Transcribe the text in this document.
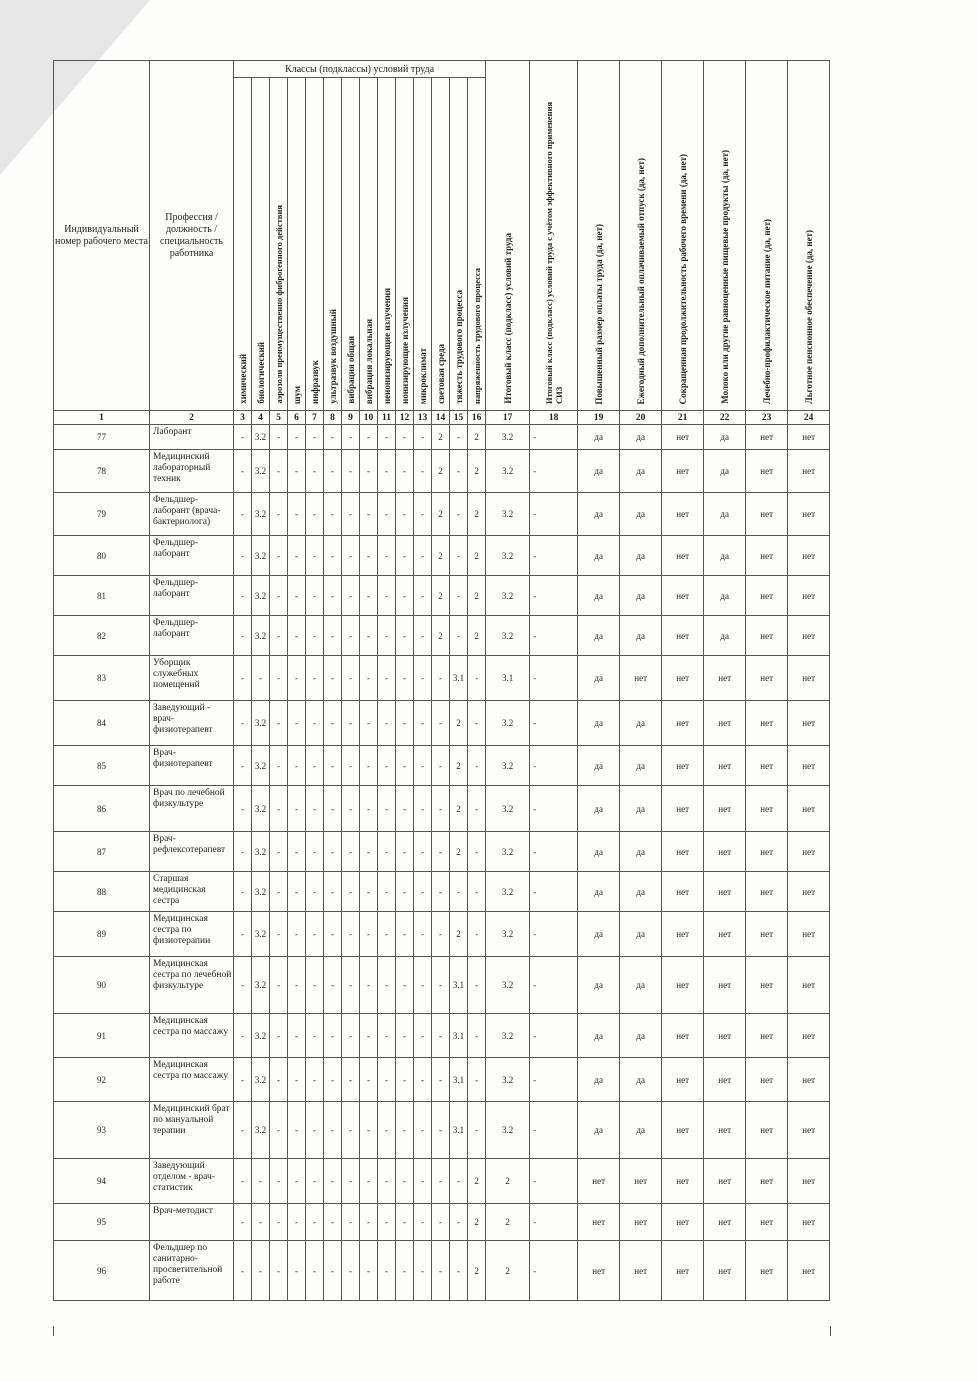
Индивидуальный номер рабочего места	Профессия / должность / специальность работника	Классы (подклассы) условий труда														Итоговый класс (подкласс) условий труда	Итоговый класс (подкласс) условий труда с учётом эффективного применения СИЗ	Повышенный размер оплаты труда (да, нет)	Ежегодный дополнительный оплачиваемый отпуск (да, нет)	Сокращенная продолжительность рабочего времени (да, нет)	Молоко или другие равноценные пищевые продукты (да, нет)	Лечебно-профилактическое питание (да, нет)	Льготное пенсионное обеспечение (да, нет)

		химический	биологический	аэрозоли преимущественно фиброгенного действия	шум	инфразвук	ультразвук воздушный	вибрация общая	вибрация локальная	неионизирующие излучения	ионизирующие излучения	микроклимат	световая среда	тяжесть трудового процесса	напряженность трудового процесса								

1	2	3	4	5	6	7	8	9	10	11	12	13	14	15	16	17	18	19	20	21	22	23	24
77	Лаборант	-	3.2	-	-	-	-	-	-	-	-	-	2	-	2	3.2	-	да	да	нет	да	нет	нет
78	Медицинский лабораторный техник	-	3.2	-	-	-	-	-	-	-	-	-	2	-	2	3.2	-	да	да	нет	да	нет	нет
79	Фельдшер-лаборант (врача-бактериолога)	-	3.2	-	-	-	-	-	-	-	-	-	2	-	2	3.2	-	да	да	нет	да	нет	нет
80	Фельдшер-лаборант	-	3.2	-	-	-	-	-	-	-	-	-	2	-	2	3.2	-	да	да	нет	да	нет	нет
81	Фельдшер-лаборант	-	3.2	-	-	-	-	-	-	-	-	-	2	-	2	3.2	-	да	да	нет	да	нет	нет
82	Фельдшер-лаборант	-	3.2	-	-	-	-	-	-	-	-	-	2	-	2	3.2	-	да	да	нет	да	нет	нет
83	Уборщик служебных помещений	-	-	-	-	-	-	-	-	-	-	-	-	3.1	-	3.1	-	да	нет	нет	нет	нет	нет
84	Заведующий - врач-физиотерапевт	-	3.2	-	-	-	-	-	-	-	-	-	-	2	-	3.2	-	да	да	нет	нет	нет	нет
85	Врач-физиотерапевт	-	3.2	-	-	-	-	-	-	-	-	-	-	2	-	3.2	-	да	да	нет	нет	нет	нет
86	Врач по лечебной физкультуре	-	3.2	-	-	-	-	-	-	-	-	-	-	2	-	3.2	-	да	да	нет	нет	нет	нет
87	Врач-рефлексотерапевт	-	3.2	-	-	-	-	-	-	-	-	-	-	2	-	3.2	-	да	да	нет	нет	нет	нет
88	Старшая медицинская сестра	-	3.2	-	-	-	-	-	-	-	-	-	-	-	-	3.2	-	да	да	нет	нет	нет	нет
89	Медицинская сестра по физиотерапии	-	3.2	-	-	-	-	-	-	-	-	-	-	2	-	3.2	-	да	да	нет	нет	нет	нет
90	Медицинская сестра по лечебной физкультуре	-	3.2	-	-	-	-	-	-	-	-	-	-	3.1	-	3.2	-	да	да	нет	нет	нет	нет
91	Медицинская сестра по массажу	-	3.2	-	-	-	-	-	-	-	-	-	-	3.1	-	3.2	-	да	да	нет	нет	нет	нет
92	Медицинская сестра по массажу	-	3.2	-	-	-	-	-	-	-	-	-	-	3.1	-	3.2	-	да	да	нет	нет	нет	нет
93	Медицинский брат по мануальной терапии	-	3.2	-	-	-	-	-	-	-	-	-	-	3.1	-	3.2	-	да	да	нет	нет	нет	нет
94	Заведующий отделом - врач-статистик	-	-	-	-	-	-	-	-	-	-	-	-	-	2	2	-	нет	нет	нет	нет	нет	нет
95	Врач-методист	-	-	-	-	-	-	-	-	-	-	-	-	-	2	2	-	нет	нет	нет	нет	нет	нет
96	Фельдшер по санитарно-просветительной работе	-	-	-	-	-	-	-	-	-	-	-	-	-	2	2	-	нет	нет	нет	нет	нет	нет
